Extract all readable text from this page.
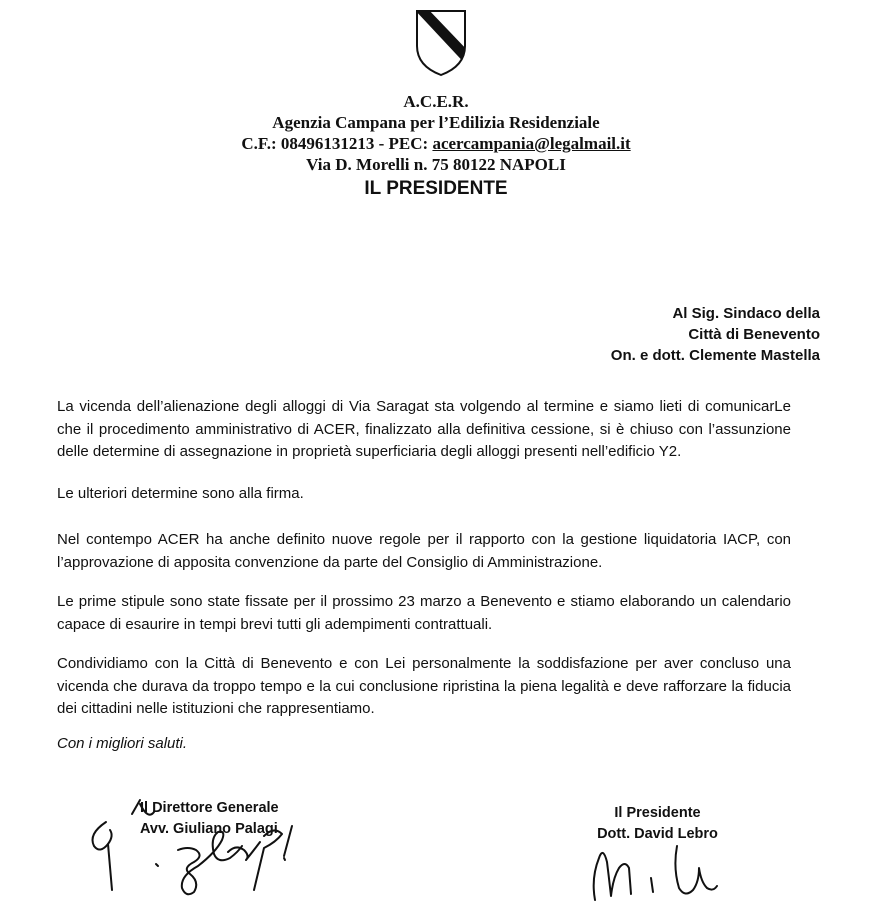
A.C.E.R.
Agenzia Campana per l’Edilizia Residenziale
C.F.: 08496131213 - PEC: acercampania@legalmail.it
Via D. Morelli n. 75 80122 NAPOLI
IL PRESIDENTE
Al Sig. Sindaco della
Città di Benevento
On. e dott. Clemente Mastella
La vicenda dell’alienazione degli alloggi di Via Saragat sta volgendo al termine e siamo lieti di comunicarLe che il procedimento amministrativo di ACER, finalizzato alla definitiva cessione, si è chiuso con l’assunzione delle determine di assegnazione in proprietà superficiaria degli alloggi presenti nell’edificio Y2.
Le ulteriori determine sono alla firma.
Nel contempo ACER ha anche definito nuove regole per il rapporto con la gestione liquidatoria IACP, con l’approvazione di apposita convenzione da parte del Consiglio di Amministrazione.
Le prime stipule sono state fissate per il prossimo 23 marzo a Benevento e stiamo elaborando un calendario capace di esaurire in tempi brevi tutti gli adempimenti contrattuali.
Condividiamo con la Città di Benevento e con Lei personalmente la soddisfazione per aver concluso una vicenda che durava da troppo tempo e la cui conclusione ripristina la piena legalità e deve rafforzare la fiducia dei cittadini nelle istituzioni che rappresentiamo.
Con i migliori saluti.
Il Direttore Generale
Avv. Giuliano Palagi
Il Presidente
Dott. David Lebro
